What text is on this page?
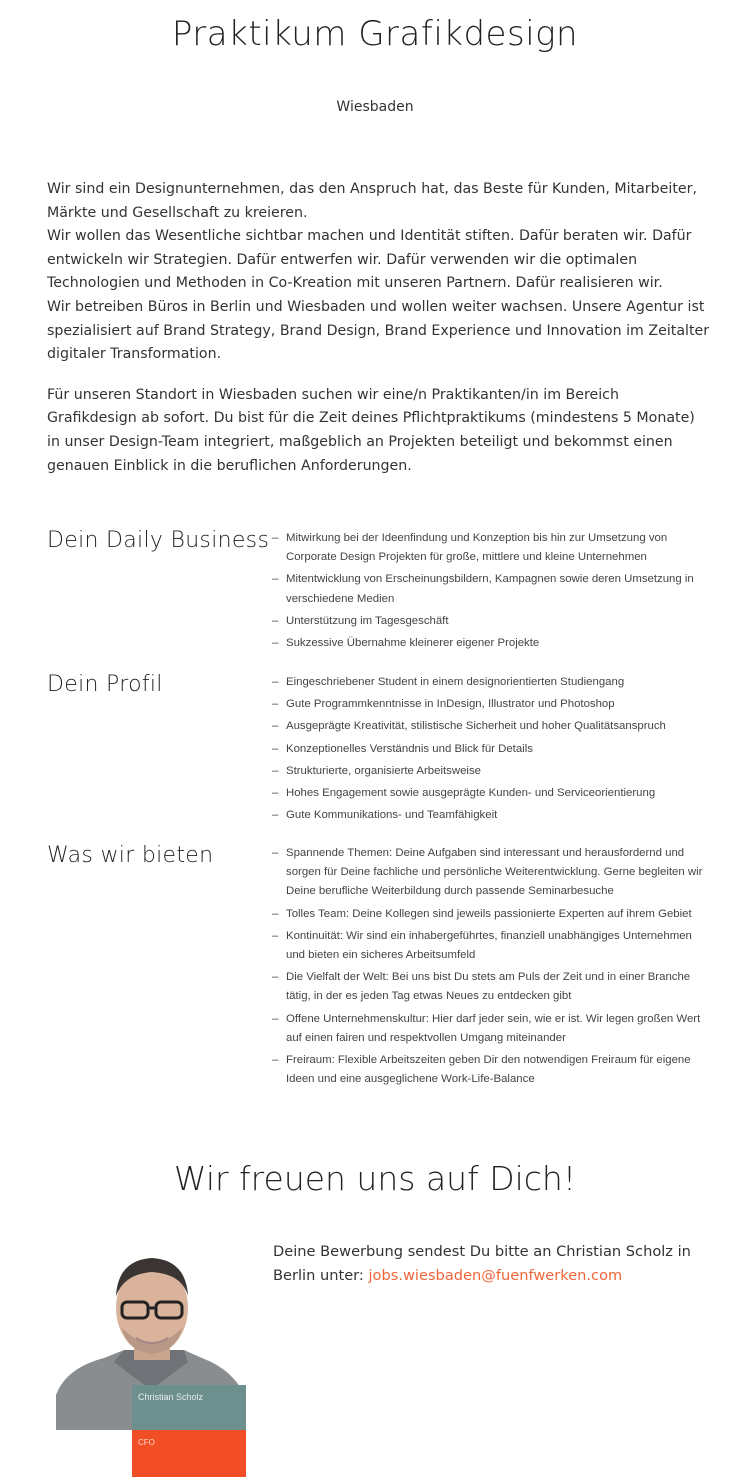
Praktikum Grafikdesign
Wiesbaden

Wir sind ein Designunternehmen, das den Anspruch hat, das Beste für Kunden, Mitarbeiter, Märkte und Gesellschaft zu kreieren.
Wir wollen das Wesentliche sichtbar machen und Identität stiften. Dafür beraten wir. Dafür entwickeln wir Strategien. Dafür entwerfen wir. Dafür verwenden wir die optimalen Technologien und Methoden in Co-Kreation mit unseren Partnern. Dafür realisieren wir.
Wir betreiben Büros in Berlin und Wiesbaden und wollen weiter wachsen. Unsere Agentur ist spezialisiert auf Brand Strategy, Brand Design, Brand Experience und Innovation im Zeitalter digitaler Transformation.

Für unseren Standort in Wiesbaden suchen wir eine/n Praktikanten/in im Bereich Grafikdesign ab sofort. Du bist für die Zeit deines Pflichtpraktikums (mindestens 5 Monate) in unser Design-Team integriert, maßgeblich an Projekten beteiligt und bekommst einen genauen Einblick in die beruflichen Anforderungen.

Dein Daily Business	– Mitwirkung bei der Ideenfindung und Konzeption bis hin zur Umsetzung von Corporate Design Projekten für große, mittlere und kleine Unternehmen
– Mitentwicklung von Erscheinungsbildern, Kampagnen sowie deren Umsetzung in verschiedene Medien
– Unterstützung im Tagesgeschäft
– Sukzessive Übernahme kleinerer eigener Projekte
Dein Profil	– Eingeschriebener Student in einem designorientierten Studiengang
– Gute Programmkenntnisse in InDesign, Illustrator und Photoshop
– Ausgeprägte Kreativität, stilistische Sicherheit und hoher Qualitätsanspruch
– Konzeptionelles Verständnis und Blick für Details
– Strukturierte, organisierte Arbeitsweise
– Hohes Engagement sowie ausgeprägte Kunden- und Serviceorientierung
– Gute Kommunikations- und Teamfähigkeit
Was wir bieten	– Spannende Themen: Deine Aufgaben sind interessant und herausfordernd und sorgen für Deine fachliche und persönliche Weiterentwicklung. Gerne begleiten wir Deine berufliche Weiterbildung durch passende Seminarbesuche
– Tolles Team: Deine Kollegen sind jeweils passionierte Experten auf ihrem Gebiet
– Kontinuität: Wir sind ein inhabergeführtes, finanziell unabhängiges Unternehmen und bieten ein sicheres Arbeitsumfeld
– Die Vielfalt der Welt: Bei uns bist Du stets am Puls der Zeit und in einer Branche tätig, in der es jeden Tag etwas Neues zu entdecken gibt
– Offene Unternehmenskultur: Hier darf jeder sein, wie er ist. Wir legen großen Wert auf einen fairen und respektvollen Umgang miteinander
– Freiraum: Flexible Arbeitszeiten geben Dir den notwendigen Freiraum für eigene Ideen und eine ausgeglichene Work-Life-Balance
Wir freuen uns auf Dich!
Deine Bewerbung sendest Du bitte an Christian Scholz in Berlin unter: jobs.wiesbaden@fuenfwerken.com
Christian Scholz
CFO
